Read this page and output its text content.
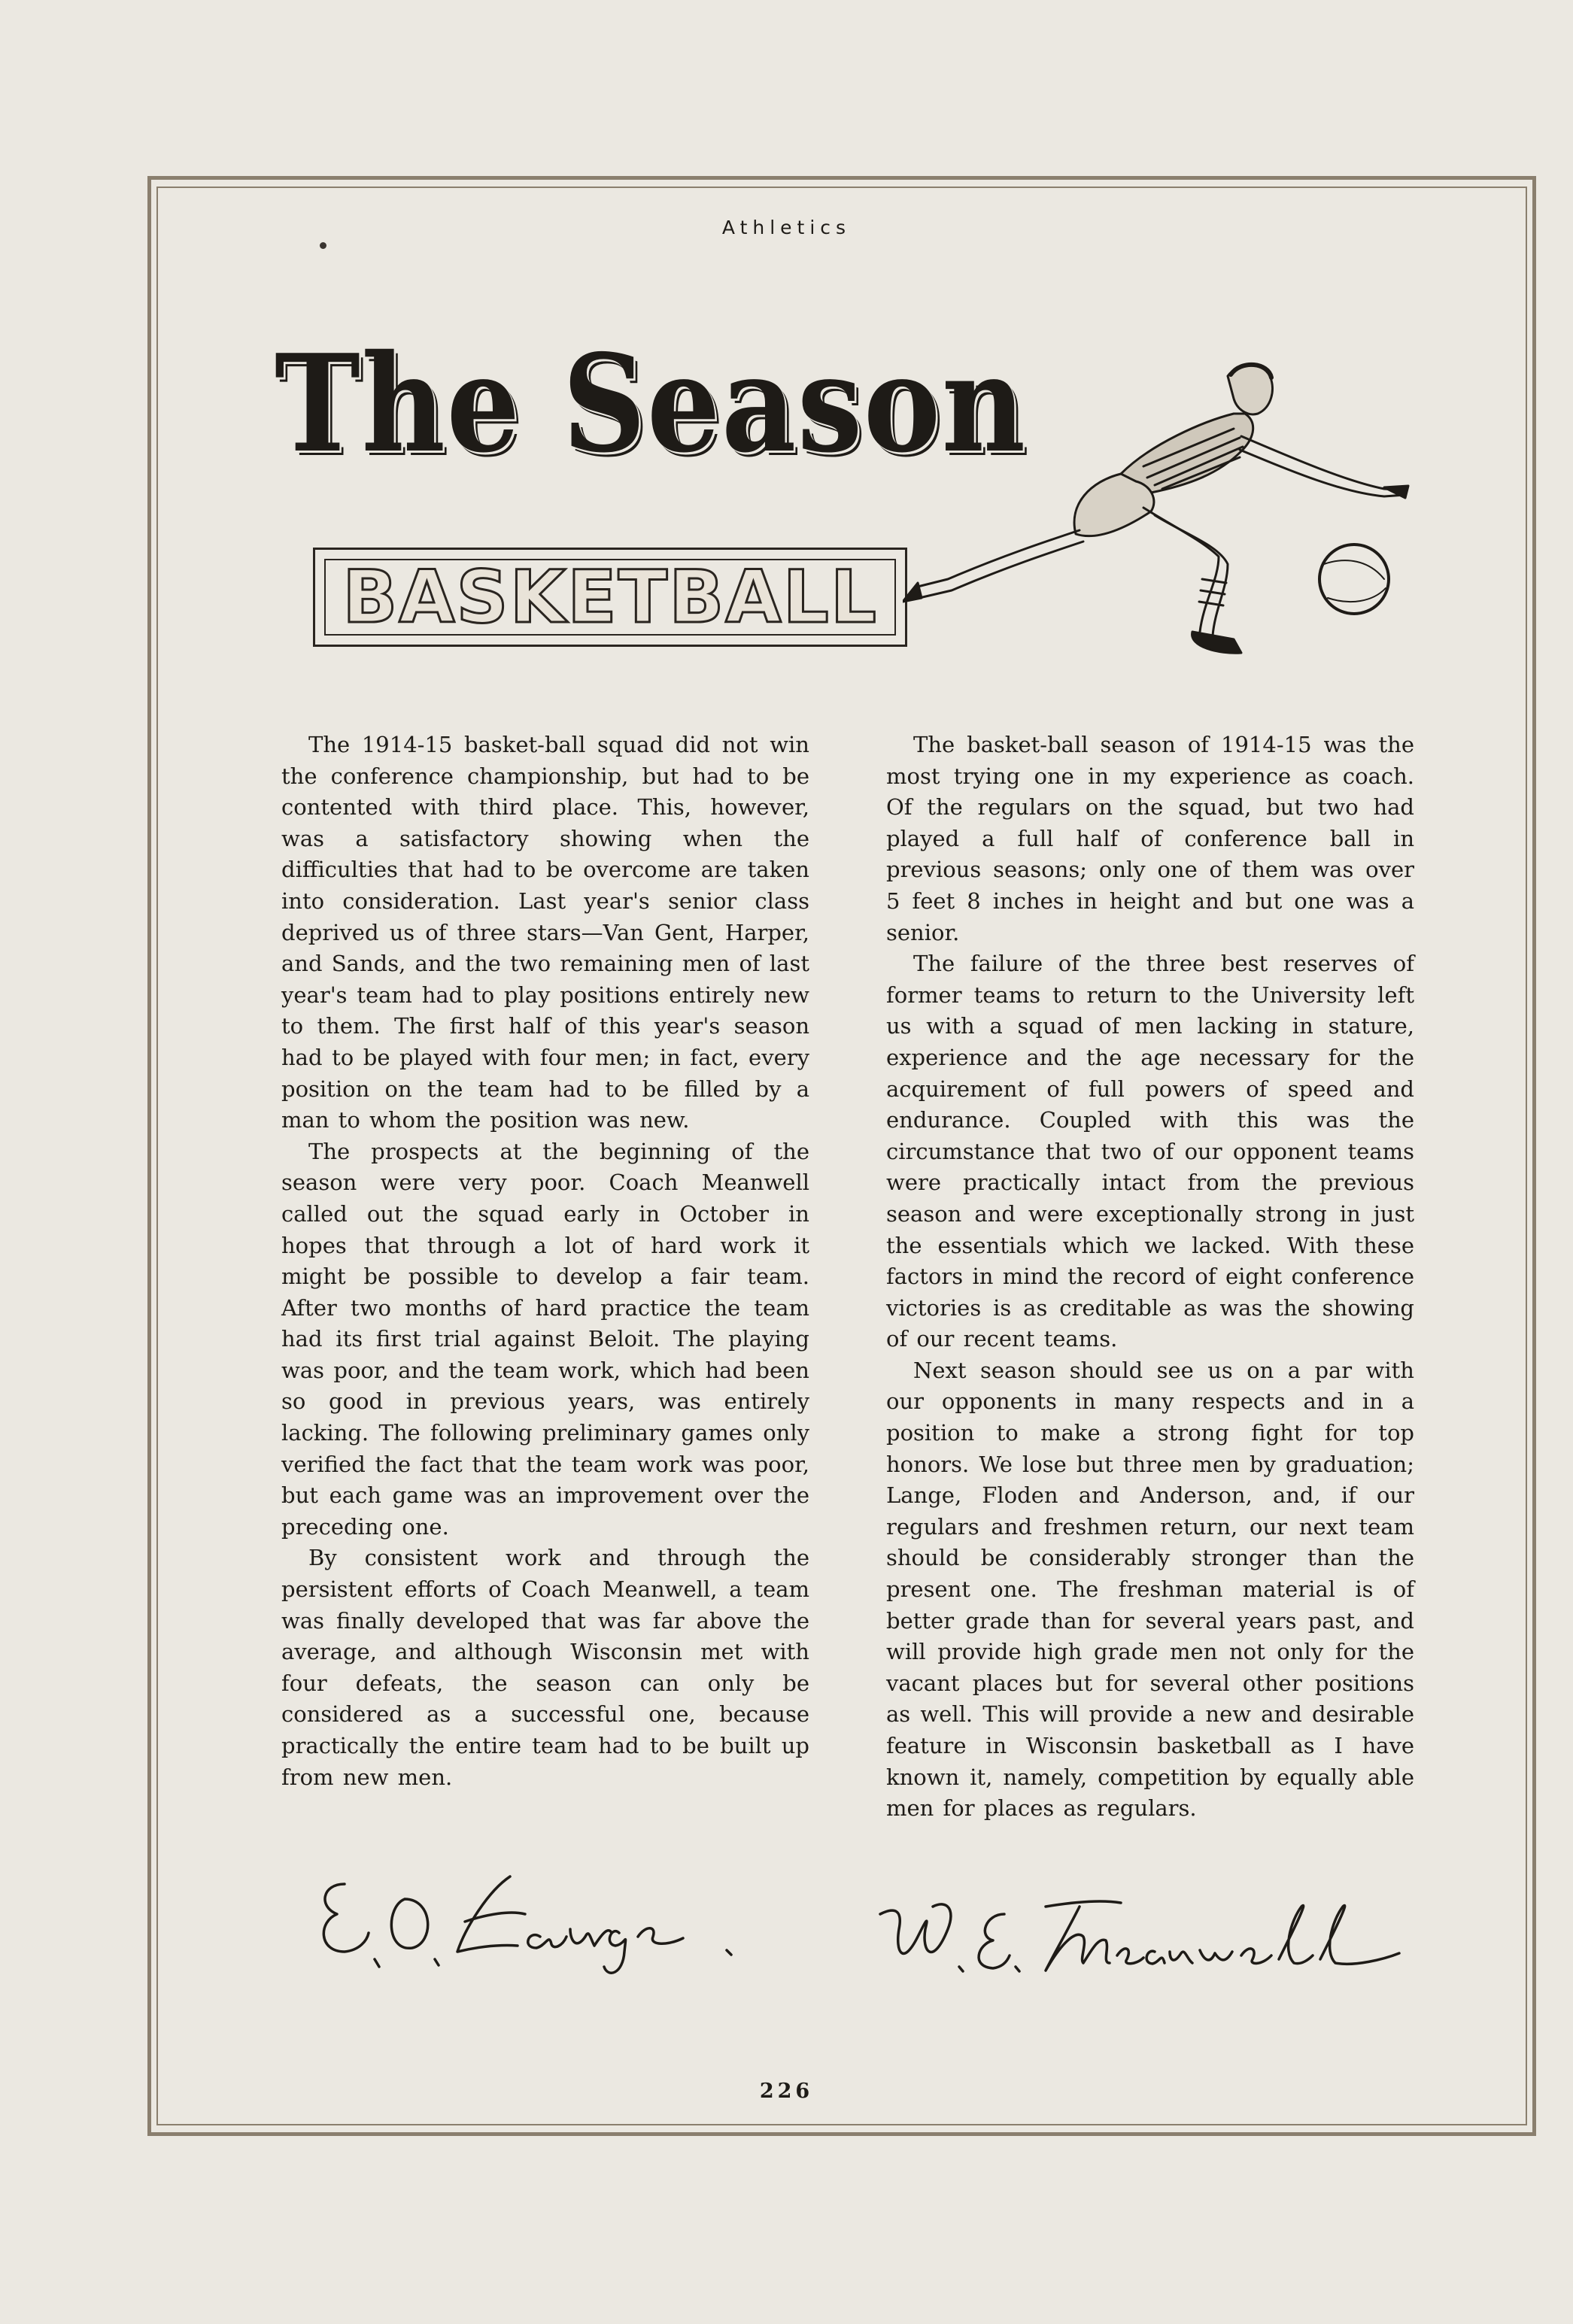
Athletics
The Season
BASKETBALL

The 1914-15 basket-ball squad did not win the conference championship, but had to be contented with third place. This, however, was a satisfactory showing when the difficulties that had to be overcome are taken into consideration. Last year's senior class deprived us of three stars—Van Gent, Harper, and Sands, and the two remaining men of last year's team had to play positions entirely new to them. The first half of this year's season had to be played with four men; in fact, every position on the team had to be filled by a man to whom the position was new.

The prospects at the beginning of the season were very poor. Coach Meanwell called out the squad early in October in hopes that through a lot of hard work it might be possible to develop a fair team. After two months of hard practice the team had its first trial against Beloit. The playing was poor, and the team work, which had been so good in previous years, was entirely lacking. The following preliminary games only verified the fact that the team work was poor, but each game was an improvement over the preceding one.

By consistent work and through the persistent efforts of Coach Meanwell, a team was finally developed that was far above the average, and although Wisconsin met with four defeats, the season can only be considered as a successful one, because practically the entire team had to be built up from new men.

The basket-ball season of 1914-15 was the most trying one in my experience as coach. Of the regulars on the squad, but two had played a full half of conference ball in previous seasons; only one of them was over 5 feet 8 inches in height and but one was a senior.

The failure of the three best reserves of former teams to return to the University left us with a squad of men lacking in stature, experience and the age necessary for the acquirement of full powers of speed and endurance. Coupled with this was the circumstance that two of our opponent teams were practically intact from the previous season and were exceptionally strong in just the essentials which we lacked. With these factors in mind the record of eight conference victories is as creditable as was the showing of our recent teams.

Next season should see us on a par with our opponents in many respects and in a position to make a strong fight for top honors. We lose but three men by graduation; Lange, Floden and Anderson, and, if our regulars and freshmen return, our next team should be considerably stronger than the present one. The freshman material is of better grade than for several years past, and will provide high grade men not only for the vacant places but for several other positions as well. This will provide a new and desirable feature in Wisconsin basketball as I have known it, namely, competition by equally able men for places as regulars.

226
